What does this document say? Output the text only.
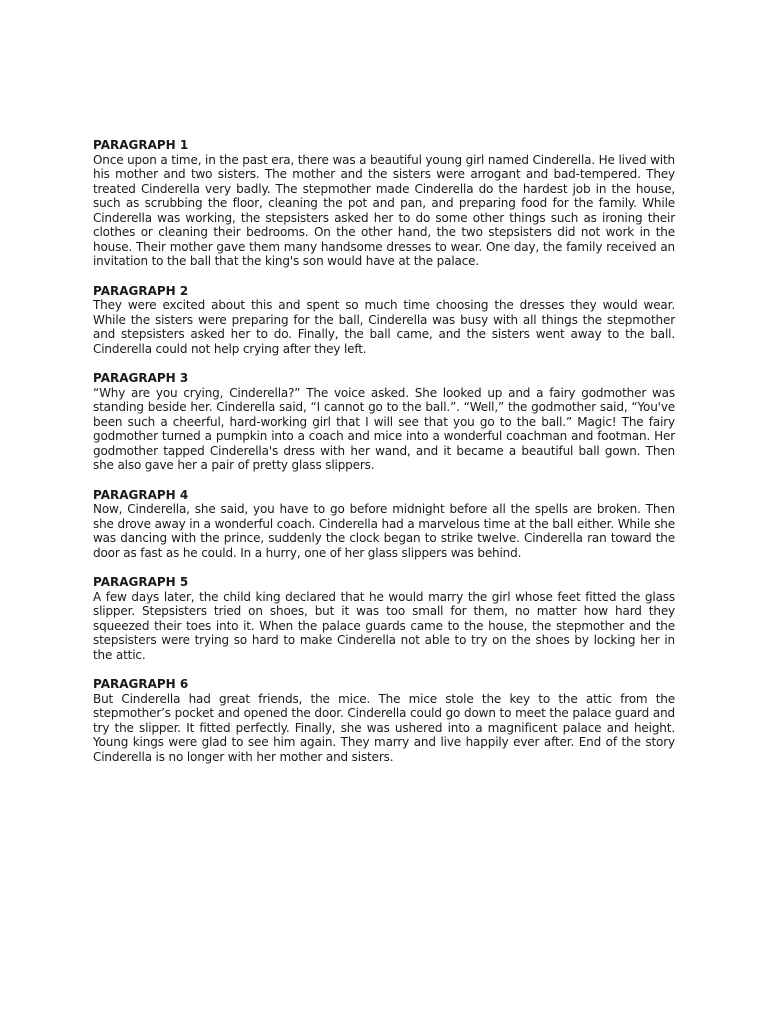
PARAGRAPH 1

Once upon a time, in the past era, there was a beautiful young girl named Cinderella. He lived with his mother and two sisters. The mother and the sisters were arrogant and bad-tempered. They treated Cinderella very badly. The stepmother made Cinderella do the hardest job in the house, such as scrubbing the floor, cleaning the pot and pan, and preparing food for the family. While Cinderella was working, the stepsisters asked her to do some other things such as ironing their clothes or cleaning their bedrooms. On the other hand, the two stepsisters did not work in the house. Their mother gave them many handsome dresses to wear. One day, the family received an invitation to the ball that the king's son would have at the palace.

PARAGRAPH 2

They were excited about this and spent so much time choosing the dresses they would wear. While the sisters were preparing for the ball, Cinderella was busy with all things the stepmother and stepsisters asked her to do. Finally, the ball came, and the sisters went away to the ball. Cinderella could not help crying after they left.

PARAGRAPH 3

“Why are you crying, Cinderella?” The voice asked. She looked up and a fairy godmother was standing beside her. Cinderella said, “I cannot go to the ball.”. “Well,” the godmother said, “You've been such a cheerful, hard-working girl that I will see that you go to the ball.” Magic! The fairy godmother turned a pumpkin into a coach and mice into a wonderful coachman and footman. Her godmother tapped Cinderella's dress with her wand, and it became a beautiful ball gown. Then she also gave her a pair of pretty glass slippers.

PARAGRAPH 4

Now, Cinderella, she said, you have to go before midnight before all the spells are broken. Then she drove away in a wonderful coach. Cinderella had a marvelous time at the ball either. While she was dancing with the prince, suddenly the clock began to strike twelve. Cinderella ran toward the door as fast as he could. In a hurry, one of her glass slippers was behind.

PARAGRAPH 5

A few days later, the child king declared that he would marry the girl whose feet fitted the glass slipper. Stepsisters tried on shoes, but it was too small for them, no matter how hard they squeezed their toes into it. When the palace guards came to the house, the stepmother and the stepsisters were trying so hard to make Cinderella not able to try on the shoes by locking her in the attic.

PARAGRAPH 6

But Cinderella had great friends, the mice. The mice stole the key to the attic from the stepmother’s pocket and opened the door. Cinderella could go down to meet the palace guard and try the slipper. It fitted perfectly. Finally, she was ushered into a magnificent palace and height. Young kings were glad to see him again. They marry and live happily ever after. End of the story Cinderella is no longer with her mother and sisters.
